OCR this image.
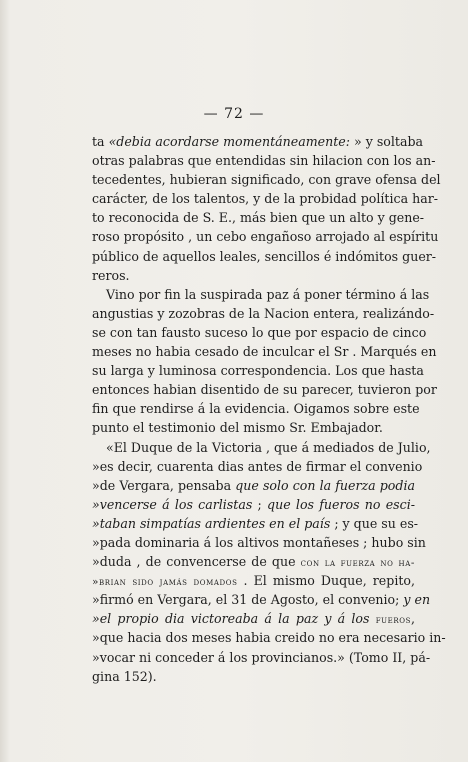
— 72 —
ta «debia acordarse momentáneamente: » y soltaba
otras palabras que entendidas sin hilacion con los an-
tecedentes, hubieran significado, con grave ofensa del
carácter, de los talentos, y de la probidad política har-
to reconocida de S. E., más bien que un alto y gene-
roso propósito , un cebo engañoso arrojado al espíritu
público de aquellos leales, sencillos é indómitos guer-
reros.
Vino por fin la suspirada paz á poner término á las
angustias y zozobras de la Nacion entera, realizándo-
se con tan fausto suceso lo que por espacio de cinco
meses no habia cesado de inculcar el Sr . Marqués en
su larga y luminosa correspondencia. Los que hasta
entonces habian disentido de su parecer, tuvieron por
fin que rendirse á la evidencia. Oigamos sobre este
punto el testimonio del mismo Sr. Embajador.
«El Duque de la Victoria , que á mediados de Julio,
»es decir, cuarenta dias antes de firmar el convenio
»de Vergara, pensaba que solo con la fuerza podia
»vencerse á los carlistas ; que los fueros no esci-
»taban simpatías ardientes en el país ; y que su es-
»pada dominaria á los altivos montañeses ; hubo sin
»duda , de convencerse de que con la fuerza no ha-
»brian sido jamás domados . El mismo Duque, repito,
»firmó en Vergara, el 31 de Agosto, el convenio; y en
»el propio dia victoreaba á la paz y á los fueros,
»que hacia dos meses habia creido no era necesario in-
»vocar ni conceder á los provincianos.» (Tomo II, pá-
gina 152).
